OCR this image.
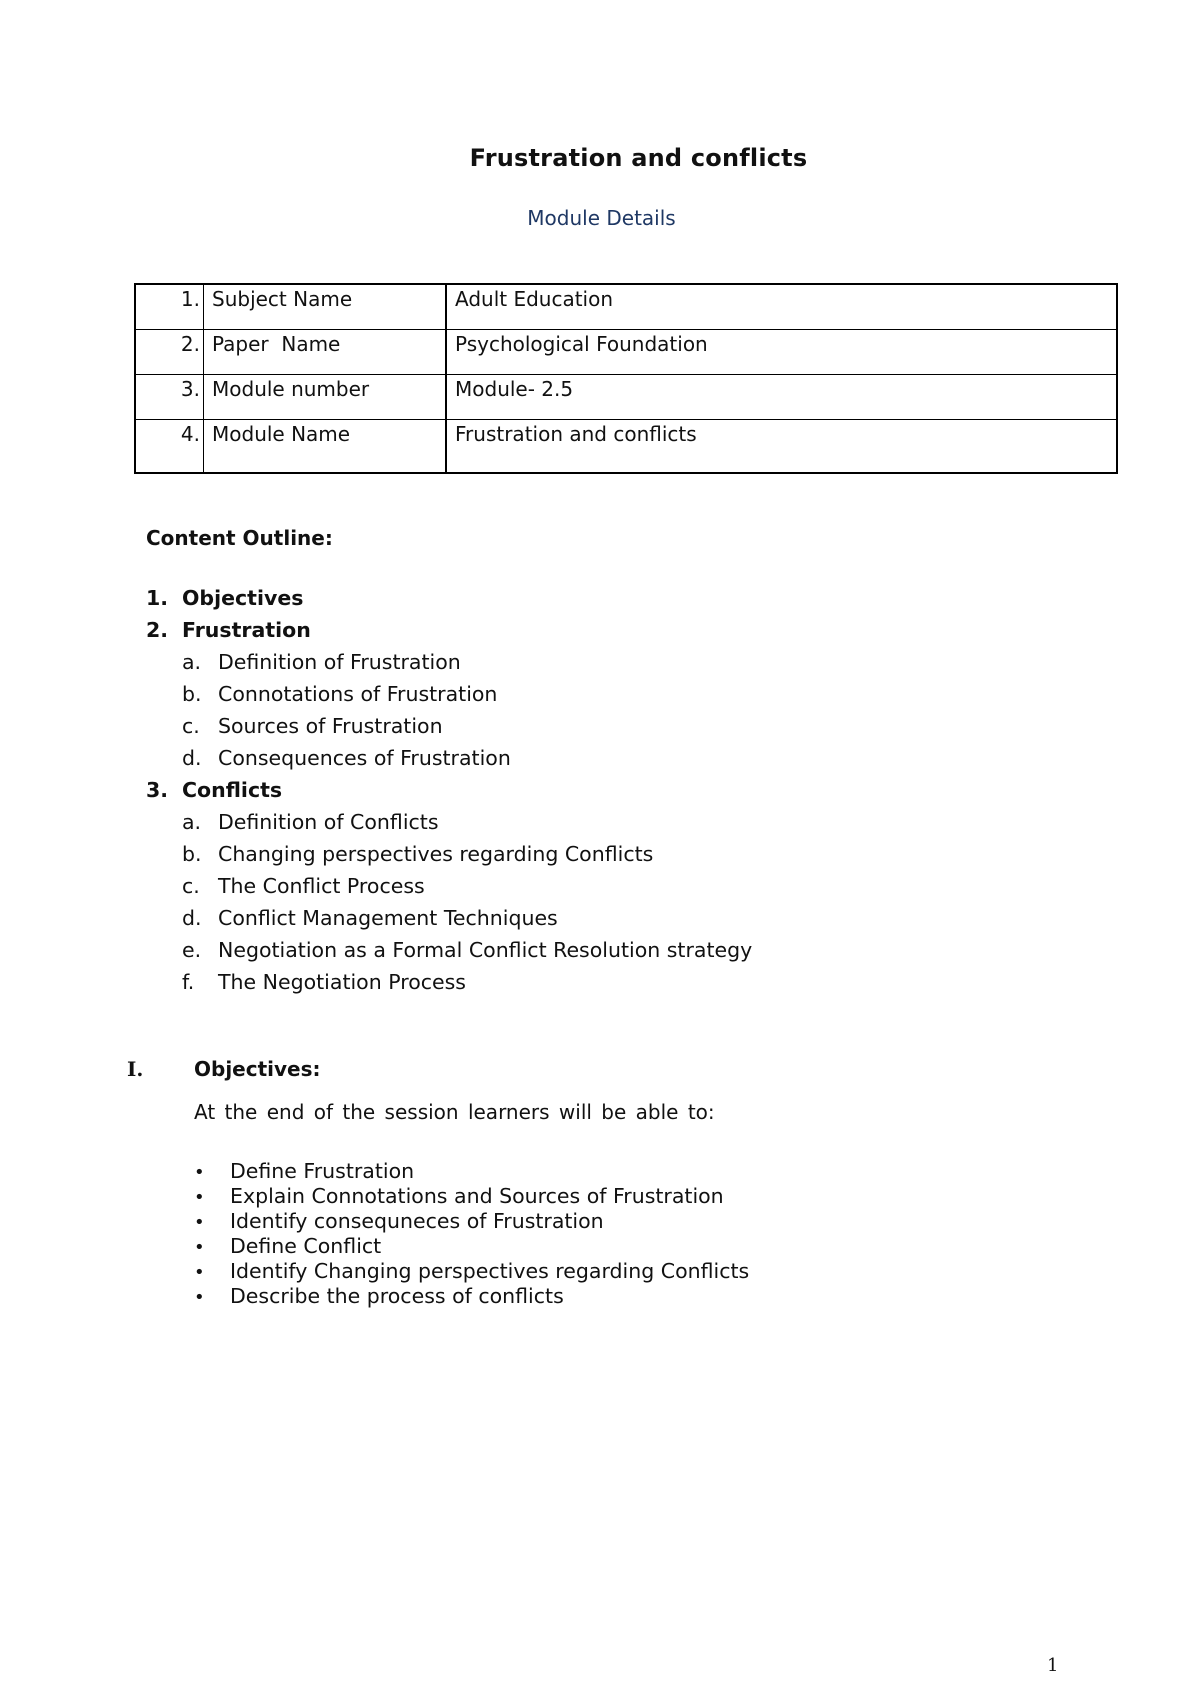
Frustration and conflicts
Module Details
1.	Subject Name	Adult Education
2.	Paper  Name	Psychological Foundation
3.	Module number	Module- 2.5
4.	Module Name	Frustration and conflicts
Content Outline:
1. Objectives
2. Frustration
a. Definition of Frustration
b. Connotations of Frustration
c. Sources of Frustration
d. Consequences of Frustration
3. Conflicts
a. Definition of Conflicts
b. Changing perspectives regarding Conflicts
c. The Conflict Process
d. Conflict Management Techniques
e. Negotiation as a Formal Conflict Resolution strategy
f. The Negotiation Process
I.	Objectives:
At the end of the session learners will be able to:
• Define Frustration
• Explain Connotations and Sources of Frustration
• Identify consequneces of Frustration
• Define Conflict
• Identify Changing perspectives regarding Conflicts
• Describe the process of conflicts
1
